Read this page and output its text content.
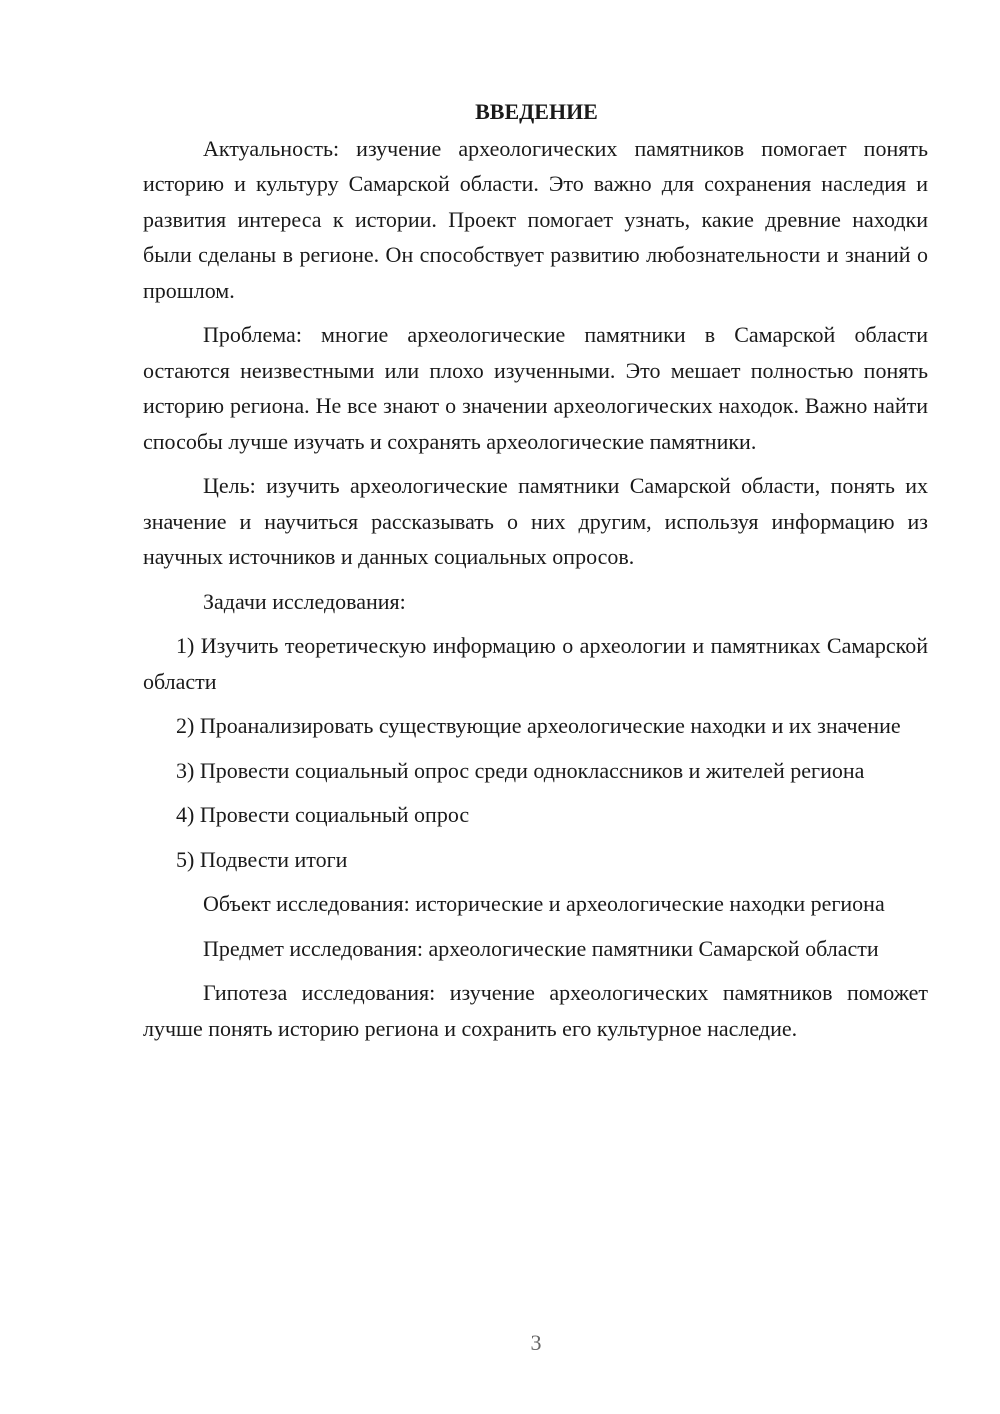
ВВЕДЕНИЕ

Актуальность: изучение археологических памятников помогает понять историю и культуру Самарской области. Это важно для сохранения наследия и развития интереса к истории. Проект помогает узнать, какие древние находки были сделаны в регионе. Он способствует развитию любознательности и знаний о прошлом.

Проблема: многие археологические памятники в Самарской области остаются неизвестными или плохо изученными. Это мешает полностью понять историю региона. Не все знают о значении археологических находок. Важно найти способы лучше изучать и сохранять археологические памятники.

Цель: изучить археологические памятники Самарской области, понять их значение и научиться рассказывать о них другим, используя информацию из научных источников и данных социальных опросов.

Задачи исследования:

1) Изучить теоретическую информацию о археологии и памятниках Самарской области

2) Проанализировать существующие археологические находки и их значение

3) Провести социальный опрос среди одноклассников и жителей региона

4) Провести социальный опрос

5) Подвести итоги

Объект исследования: исторические и археологические находки региона

Предмет исследования: археологические памятники Самарской области

Гипотеза исследования: изучение археологических памятников поможет лучше понять историю региона и сохранить его культурное наследие.

3
